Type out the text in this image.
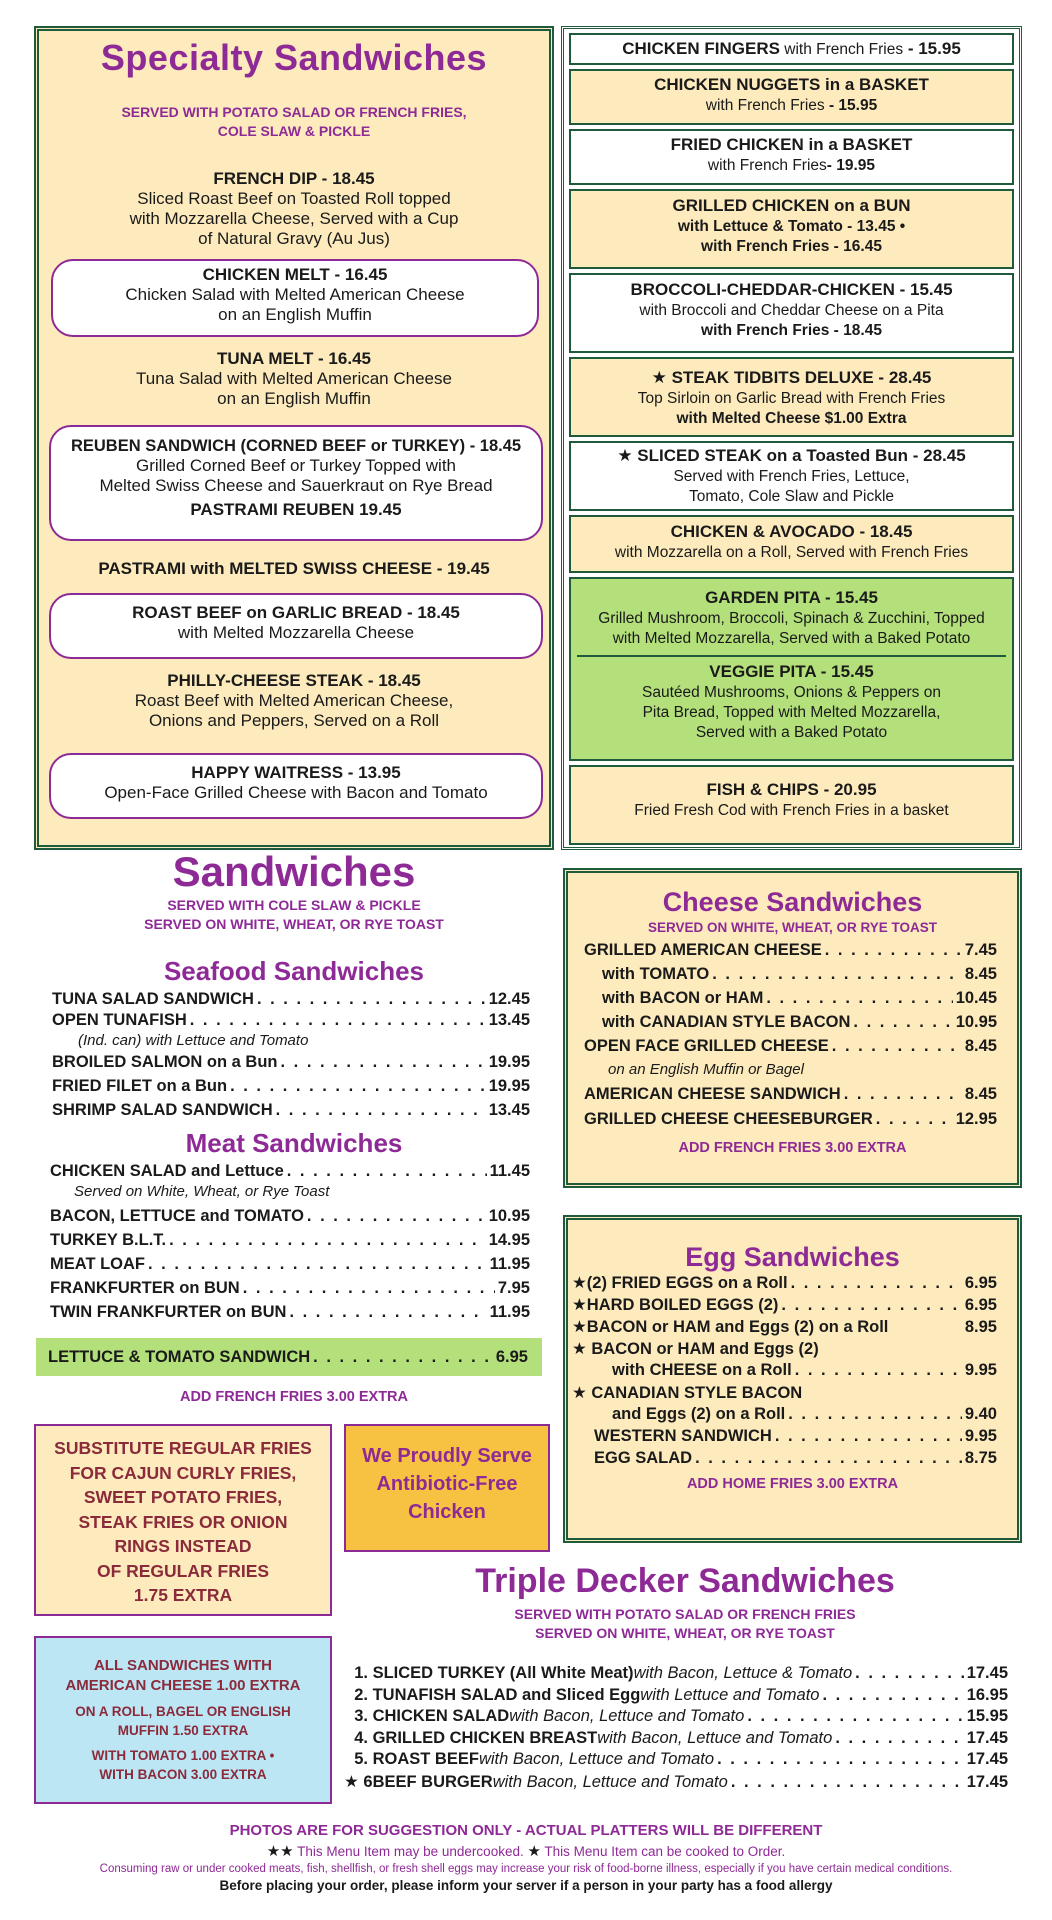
Specialty Sandwiches
SERVED WITH POTATO SALAD OR FRENCH FRIES,
COLE SLAW & PICKLE
FRENCH DIP - 18.45
Sliced Roast Beef on Toasted Roll topped
with Mozzarella Cheese, Served with a Cup
of Natural Gravy (Au Jus)
CHICKEN MELT - 16.45
Chicken Salad with Melted American Cheese
on an English Muffin
TUNA MELT - 16.45
Tuna Salad with Melted American Cheese
on an English Muffin
REUBEN SANDWICH (CORNED BEEF or TURKEY) - 18.45
Grilled Corned Beef or Turkey Topped with
Melted Swiss Cheese and Sauerkraut on Rye Bread
PASTRAMI REUBEN 19.45
PASTRAMI with MELTED SWISS CHEESE - 19.45
ROAST BEEF on GARLIC BREAD - 18.45
with Melted Mozzarella Cheese
PHILLY-CHEESE STEAK - 18.45
Roast Beef with Melted American Cheese,
Onions and Peppers, Served on a Roll
HAPPY WAITRESS - 13.95
Open-Face Grilled Cheese with Bacon and Tomato
CHICKEN FINGERS with French Fries - 15.95
CHICKEN NUGGETS in a BASKET
with French Fries - 15.95
FRIED CHICKEN in a BASKET
with French Fries- 19.95
GRILLED CHICKEN on a BUN
with Lettuce & Tomato - 13.45 •
with French Fries - 16.45
BROCCOLI-CHEDDAR-CHICKEN - 15.45
with Broccoli and Cheddar Cheese on a Pita
with French Fries - 18.45
★ STEAK TIDBITS DELUXE - 28.45
Top Sirloin on Garlic Bread with French Fries
with Melted Cheese $1.00 Extra
★ SLICED STEAK on a Toasted Bun - 28.45
Served with French Fries, Lettuce,
Tomato, Cole Slaw and Pickle
CHICKEN & AVOCADO - 18.45
with Mozzarella on a Roll, Served with French Fries
GARDEN PITA - 15.45
Grilled Mushroom, Broccoli, Spinach & Zucchini, Topped
with Melted Mozzarella, Served with a Baked Potato
VEGGIE PITA - 15.45
Sautéed Mushrooms, Onions & Peppers on
Pita Bread, Topped with Melted Mozzarella,
Served with a Baked Potato
FISH & CHIPS - 20.95
Fried Fresh Cod with French Fries in a basket
Sandwiches
SERVED WITH COLE SLAW & PICKLE
SERVED ON WHITE, WHEAT, OR RYE TOAST
Seafood Sandwiches
TUNA SALAD SANDWICH . . .	12.45
OPEN TUNAFISH . . .	13.45
(Ind. can) with Lettuce and Tomato
BROILED SALMON on a Bun . . .	19.95
FRIED FILET on a Bun . . .	19.95
SHRIMP SALAD SANDWICH . . .	13.45
Meat Sandwiches
CHICKEN SALAD and Lettuce . . .	11.45
Served on White, Wheat, or Rye Toast
BACON, LETTUCE and TOMATO . . .	10.95
TURKEY B.L.T. . . .	14.95
MEAT LOAF . . .	11.95
FRANKFURTER on BUN . . .	7.95
TWIN FRANKFURTER on BUN . . .	11.95
LETTUCE & TOMATO SANDWICH . . .	6.95
ADD FRENCH FRIES 3.00 EXTRA
SUBSTITUTE REGULAR FRIES
FOR CAJUN CURLY FRIES,
SWEET POTATO FRIES,
STEAK FRIES OR ONION
RINGS INSTEAD
OF REGULAR FRIES
1.75 EXTRA
We Proudly Serve
Antibiotic-Free
Chicken
ALL SANDWICHES WITH
AMERICAN CHEESE 1.00 EXTRA
ON A ROLL, BAGEL OR ENGLISH
MUFFIN 1.50 EXTRA
WITH TOMATO 1.00 EXTRA •
WITH BACON 3.00 EXTRA
Cheese Sandwiches
SERVED ON WHITE, WHEAT, OR RYE TOAST
GRILLED AMERICAN CHEESE . . .	7.45
with TOMATO . . .	8.45
with BACON or HAM . . .	10.45
with CANADIAN STYLE BACON . . .	10.95
OPEN FACE GRILLED CHEESE . . .	8.45
on an English Muffin or Bagel
AMERICAN CHEESE SANDWICH . . .	8.45
GRILLED CHEESE CHEESEBURGER . . .	12.95
ADD FRENCH FRIES 3.00 EXTRA
Egg Sandwiches
★ (2) FRIED EGGS on a Roll . . .	6.95
★ HARD BOILED EGGS (2) . . .	6.95
★ BACON or HAM and Eggs (2) on a Roll	8.95
★ BACON or HAM and Eggs (2)
with CHEESE on a Roll . . .	9.95
★ CANADIAN STYLE BACON
and Eggs (2) on a Roll . . .	9.40
WESTERN SANDWICH . . .	9.95
EGG SALAD . . .	8.75
ADD HOME FRIES 3.00 EXTRA
Triple Decker Sandwiches
SERVED WITH POTATO SALAD OR FRENCH FRIES
SERVED ON WHITE, WHEAT, OR RYE TOAST
1.
SLICED TURKEY (All White Meat) with Bacon, Lettuce & Tomato . . .	17.45
2.
TUNAFISH SALAD and Sliced Egg with Lettuce and Tomato . . .	16.95
3.
CHICKEN SALAD with Bacon, Lettuce and Tomato . . .	15.95
4.
GRILLED CHICKEN BREAST with Bacon, Lettuce and Tomato . . .	17.45
5.
ROAST BEEF with Bacon, Lettuce and Tomato . . .	17.45
★ 6.

BEEF BURGER with Bacon, Lettuce and Tomato . . .	17.45
PHOTOS ARE FOR SUGGESTION ONLY - ACTUAL PLATTERS WILL BE DIFFERENT
★★ This Menu Item may be undercooked. ★ This Menu Item can be cooked to Order.
Consuming raw or under cooked meats, fish, shellfish, or fresh shell eggs may increase your risk of food-borne illness, especially if you have certain medical conditions.
Before placing your order, please inform your server if a person in your party has a food allergy
